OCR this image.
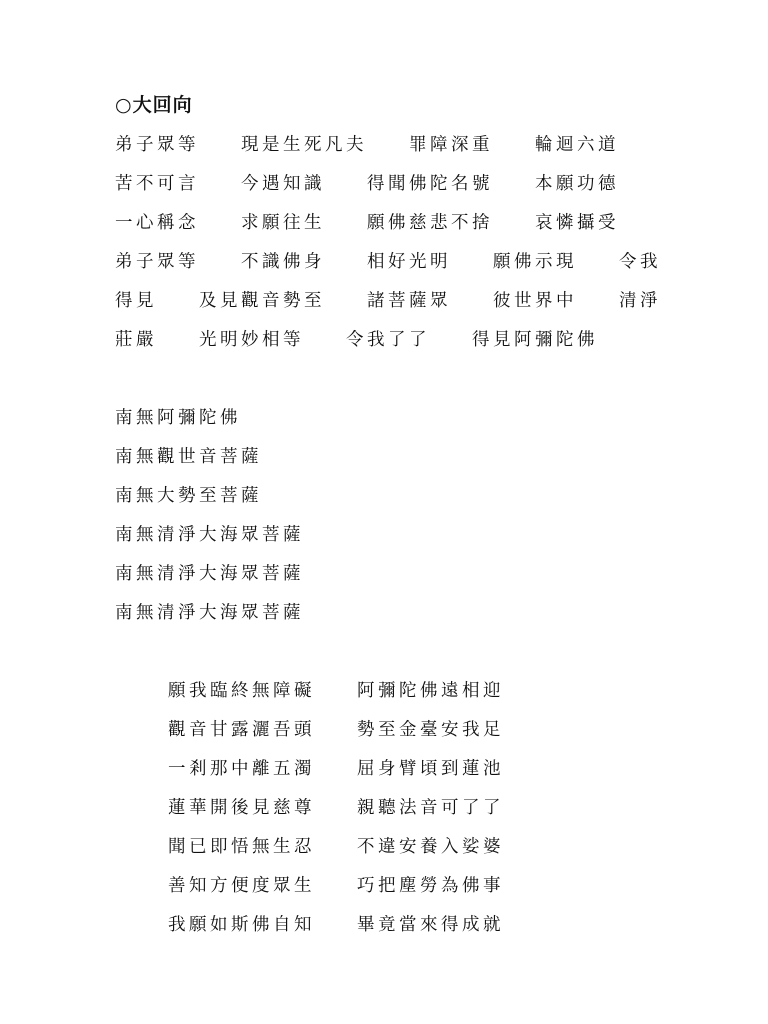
○大回向
弟子眾等　　現是生死凡夫　　罪障深重　　輪迴六道
苦不可言　　今遇知識　　得聞佛陀名號　　本願功德
一心稱念　　求願往生　　願佛慈悲不捨　　哀憐攝受
弟子眾等　　不識佛身　　相好光明　　願佛示現　　令我
得見　　及見觀音勢至　　諸菩薩眾　　彼世界中　　清淨
莊嚴　　光明妙相等　　令我了了　　得見阿彌陀佛
南無阿彌陀佛
南無觀世音菩薩
南無大勢至菩薩
南無清淨大海眾菩薩
南無清淨大海眾菩薩
南無清淨大海眾菩薩
願我臨終無障礙　　阿彌陀佛遠相迎
觀音甘露灑吾頭　　勢至金臺安我足
一剎那中離五濁　　屈身臂頃到蓮池
蓮華開後見慈尊　　親聽法音可了了
聞已即悟無生忍　　不違安養入娑婆
善知方便度眾生　　巧把塵勞為佛事
我願如斯佛自知　　畢竟當來得成就
